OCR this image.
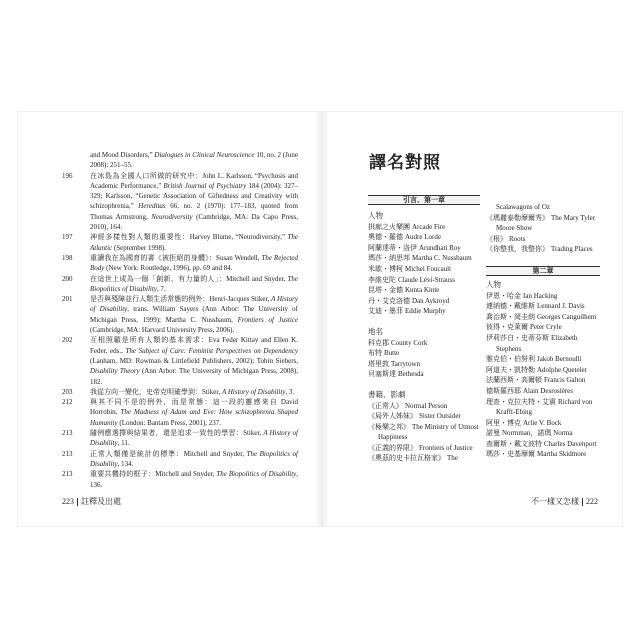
and Mood Disorders,” Dialogues in Clinical Neuroscience 10, no. 2 (June 2008): 251–55.
196	在冰島為全國人口所做的研究中：John L. Karlsson, “Psychosis and Academic Performance,” British Journal of Psychiatry 184 (2004): 327–329; Karlsson, “Genetic Association of Giftedness and Creativity with schizophrenia,” Hereditas 66, no. 2 (1970): 177–183, quoted from Thomas Armstrong, Neurodiversity (Cambridge, MA: Da Capo Press, 2010), 164.
197	神經多樣性對人類的重要性：Harvey Blume, “Neurodiversity,” The Atlantic (September 1998).
198	重讀我在為國育的書《被拒絕的身體》：Susan Wendell, The Rejected Body (New York: Routledge, 1996), pp. 69 and 84.
200	在這世上成為一個「創新、有力量的人」：Mitchell and Snyder, The Biopolitics of Disability, 7.
201	是否與殘障並行人類生活常態的例外：Henri-Jacques Stiker, A History of Disability, trans. William Sayers (Ann Arbor: The University of Michigan Press, 1999); Martha C. Nussbaum, Frontiers of Justice (Cambridge, MA: Harvard University Press, 2006).
202	互相照顧是所有人類的基本需求：Eva Feder Kittay and Ellen K. Feder, eds., The Subject of Care: Feminist Perspectives on Dependency (Lanham, MD: Rowman & Littlefield Publishers, 2002); Tobin Siebers, Disability Theory (Ann Arbor: The University of Michigan Press, 2008), 182.
203	我從方向一變化，史帝克明確學到：Stiker, A History of Disability, 3.
212	與其不同不是的例外，而是常態：這一段的靈感來自 David Horrobin, The Madness of Adam and Eve: How schizophrenia Shaped Humanity (London: Bantam Press, 2001), 237.
213	隨例應選擇與結果者，還是追求一致性的學習：Stiker, A History of Disability, 11.
213	正常人類僅是統計的標準：Mitchell and Snyder, The Biopolitics of Disability, 134.
213	重要共機持的框子：Mitchell and Snyder, The Biopolitics of Disability, 136.
223 註釋及出處
譯名對照
引言、第一章
人物
拱廊之火樂團 Arcade Fire
奧德・羅德 Audre Lorde
阿蘭達蒂・洛伊 Arundhati Roy
瑪莎・納思邦 Martha C. Nussbaum
米歇・傅柯 Michel Foucault
李維史陀 Claude Lévi-Strauss
昆塔・金德 Kunta Kinte
丹・艾克洛德 Dan Aykroyd
艾迪・墨菲 Eddie Murphy
地名
科克郡 County Cork
布特 Butte
塔里敦 Tarrytown
貝塞斯達 Bethesda
書籍、影劇
《正常人》 Normal Person
《局外人姊妹》 Sister Outsider
《極樂之邦》 The Ministry of Utmost Happiness
《正義的界限》 Frontiers of Justice
《奧茲的史卡拉瓦格家》 The
Scalawagons of Oz
《瑪麗泰勒摩爾秀》 The Mary Tyler Moore Show
《根》 Roots
《你整我，我整你》 Trading Places
第二章
人物
伊恩・哈金 Ian Hacking
連納德・戴維斯 Lennard J. Davis
喬治斯・岡圭朗 Georges Canguilhem
彼得・克萊爾 Peter Cryle
伊莉莎白・史蒂芬斯 Elizabeth Stephens
雅克伯・伯努利 Jakob Bernoulli
阿道夫・凱特勒 Adolphe Quetelet
法蘭西斯・高爾頓 Francis Galton
德斯羅西耶 Alain Desrosières
理查・克拉夫特・艾賓 Richard von Krafft-Ebing
阿里・博克 Arlie V. Bock
諾曼 Normman，諾瑪 Norma
查爾斯・戴文波特 Charles Davenport
瑪莎・史基摩爾 Martha Skidmore
不一樣又怎樣 222
